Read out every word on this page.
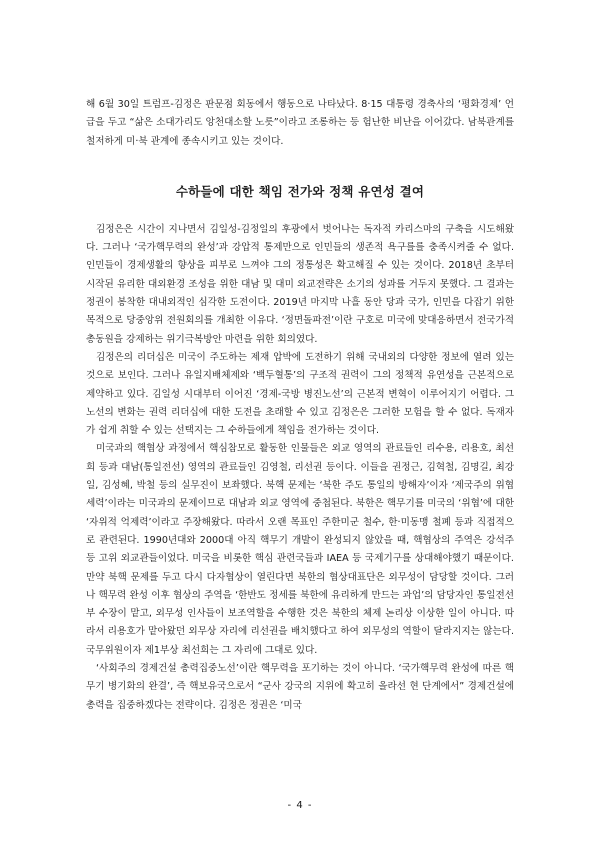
해 6월 30일 트럼프-김정은 판문점 회동에서 행동으로 나타났다. 8·15 대통령 경축사의 ‘평화경제’ 언급을 두고 “삶은 소대가리도 앙천대소할 노릇”이라고 조롱하는 등 험난한 비난을 이어갔다. 남북관계를 철저하게 미·북 관계에 종속시키고 있는 것이다.

수하들에 대한 책임 전가와 정책 유연성 결여

김정은은 시간이 지나면서 김일성-김정일의 후광에서 벗어나는 독자적 카리스마의 구축을 시도해왔다. 그러나 ‘국가핵무력의 완성’과 강압적 통제만으로 인민들의 생존적 욕구를를 충족시켜줄 수 없다. 인민들이 경제생활의 향상을 피부로 느껴야 그의 정통성은 확고해질 수 있는 것이다. 2018년 초부터 시작된 유리한 대외환경 조성을 위한 대남 및 대미 외교전략은 소기의 성과를 거두지 못했다. 그 결과는 정권이 봉착한 대내외적인 심각한 도전이다. 2019년 마지막 나흘 동안 당과 국가, 인민을 다잡기 위한 목적으로 당중앙위 전원회의를 개최한 이유다. ‘정면돌파전’이란 구호로 미국에 맞대응하면서 전국가적 총동원을 강제하는 위기극복방안 마련을 위한 회의였다.

김정은의 리더십은 미국이 주도하는 제재 압박에 도전하기 위해 국내외의 다양한 정보에 열려 있는 것으로 보인다. 그러나 유일지배체제와 ‘백두혈통’의 구조적 권력이 그의 정책적 유연성을 근본적으로 제약하고 있다. 김일성 시대부터 이어진 ‘경제-국방 병진노선’의 근본적 변혁이 이루어지기 어렵다. 그 노선의 변화는 권력 리더십에 대한 도전을 초래할 수 있고 김정은은 그러한 모험을 할 수 없다. 독재자가 쉽게 취할 수 있는 선택지는 그 수하들에게 책임을 전가하는 것이다.

미국과의 핵협상 과정에서 핵심참모로 활동한 인물들은 외교 영역의 관료들인 리수용, 리용호, 최선희 등과 대남(통일전선) 영역의 관료들인 김영철, 리선권 등이다. 이들을 권정근, 김혁철, 김명길, 최강일, 김성혜, 박철 등의 실무진이 보좌했다. 북핵 문제는 ‘북한 주도 통일의 방해자’이자 ‘제국주의 위협세력’이라는 미국과의 문제이므로 대남과 외교 영역에 중첩된다. 북한은 핵무기를 미국의 ‘위협’에 대한 ‘자위적 억제력’이라고 주장해왔다. 따라서 오랜 목표인 주한미군 철수, 한·미동맹 철폐 등과 직접적으로 관련된다. 1990년대와 2000대 아직 핵무기 개발이 완성되지 않았을 때, 핵협상의 주역은 강석주 등 고위 외교관들이었다. 미국을 비롯한 핵심 관련국들과 IAEA 등 국제기구를 상대해야했기 때문이다. 만약 북핵 문제를 두고 다시 다자협상이 열린다면 북한의 협상대표단은 외무성이 담당할 것이다. 그러나 핵무력 완성 이후 협상의 주역을 ‘한반도 정세를 북한에 유리하게 만드는 과업’의 담당자인 통일전선부 수장이 맡고, 외무성 인사들이 보조역할을 수행한 것은 북한의 체제 논리상 이상한 일이 아니다. 따라서 리용호가 맡아왔던 외무상 자리에 리선권을 배치했다고 하여 외무성의 역할이 달라지지는 않는다. 국무위원이자 제1부상 최선희는 그 자리에 그대로 있다.

‘사회주의 경제건설 총력집중노선’이란 핵무력을 포기하는 것이 아니다. ‘국가핵무력 완성에 따른 핵무기 병기화의 완결’, 즉 핵보유국으로서 “군사 강국의 지위에 확고히 올라선 현 단계에서” 경제건설에 총력을 집중하겠다는 전략이다. 김정은 정권은 ‘미국

- 4 -
